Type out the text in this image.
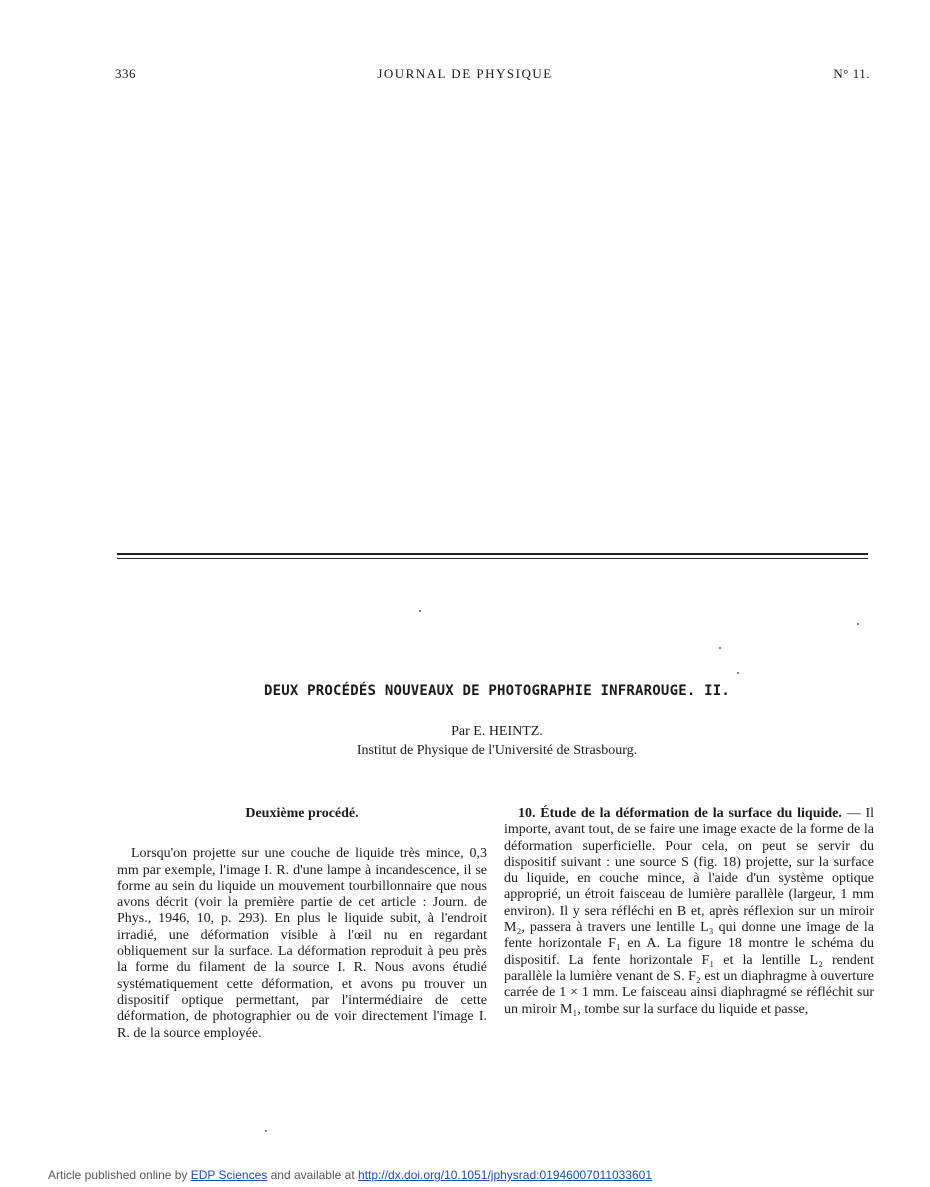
336	JOURNAL DE PHYSIQUE	N° 11.
DEUX PROCÉDÉS NOUVEAUX DE PHOTOGRAPHIE INFRAROUGE. II.
Par E. HEINTZ.
Institut de Physique de l'Université de Strasbourg.
Deuxième procédé.

Lorsqu'on projette sur une couche de liquide très mince, 0,3 mm par exemple, l'image I. R. d'une lampe à incandescence, il se forme au sein du liquide un mouvement tourbillonnaire que nous avons décrit (voir la première partie de cet article : Journ. de Phys., 1946, 10, p. 293). En plus le liquide subit, à l'endroit irradié, une déformation visible à l'œil nu en regardant obliquement sur la surface. La déformation reproduit à peu près la forme du filament de la source I. R. Nous avons étudié systématiquement cette déformation, et avons pu trouver un dispositif optique permettant, par l'intermédiaire de cette déformation, de photographier ou de voir directement l'image I. R. de la source employée.

10. Étude de la déformation de la surface du liquide. — Il importe, avant tout, de se faire une image exacte de la forme de la déformation superficielle. Pour cela, on peut se servir du dispositif suivant : une source S (fig. 18) projette, sur la surface du liquide, en couche mince, à l'aide d'un système optique approprié, un étroit faisceau de lumière parallèle (largeur, 1 mm environ). Il y sera réfléchi en B et, après réflexion sur un miroir M₂, passera à travers une lentille L₃ qui donne une image de la fente horizontale F₁ en A. La figure 18 montre le schéma du dispositif. La fente horizontale F₁ et la lentille L₂ rendent parallèle la lumière venant de S. F₂ est un diaphragme à ouverture carrée de 1 × 1 mm. Le faisceau ainsi diaphragmé se réfléchit sur un miroir M₁, tombe sur la surface du liquide et passe,

Article published online by EDP Sciences and available at http://dx.doi.org/10.1051/jphysrad:01946007011033601
